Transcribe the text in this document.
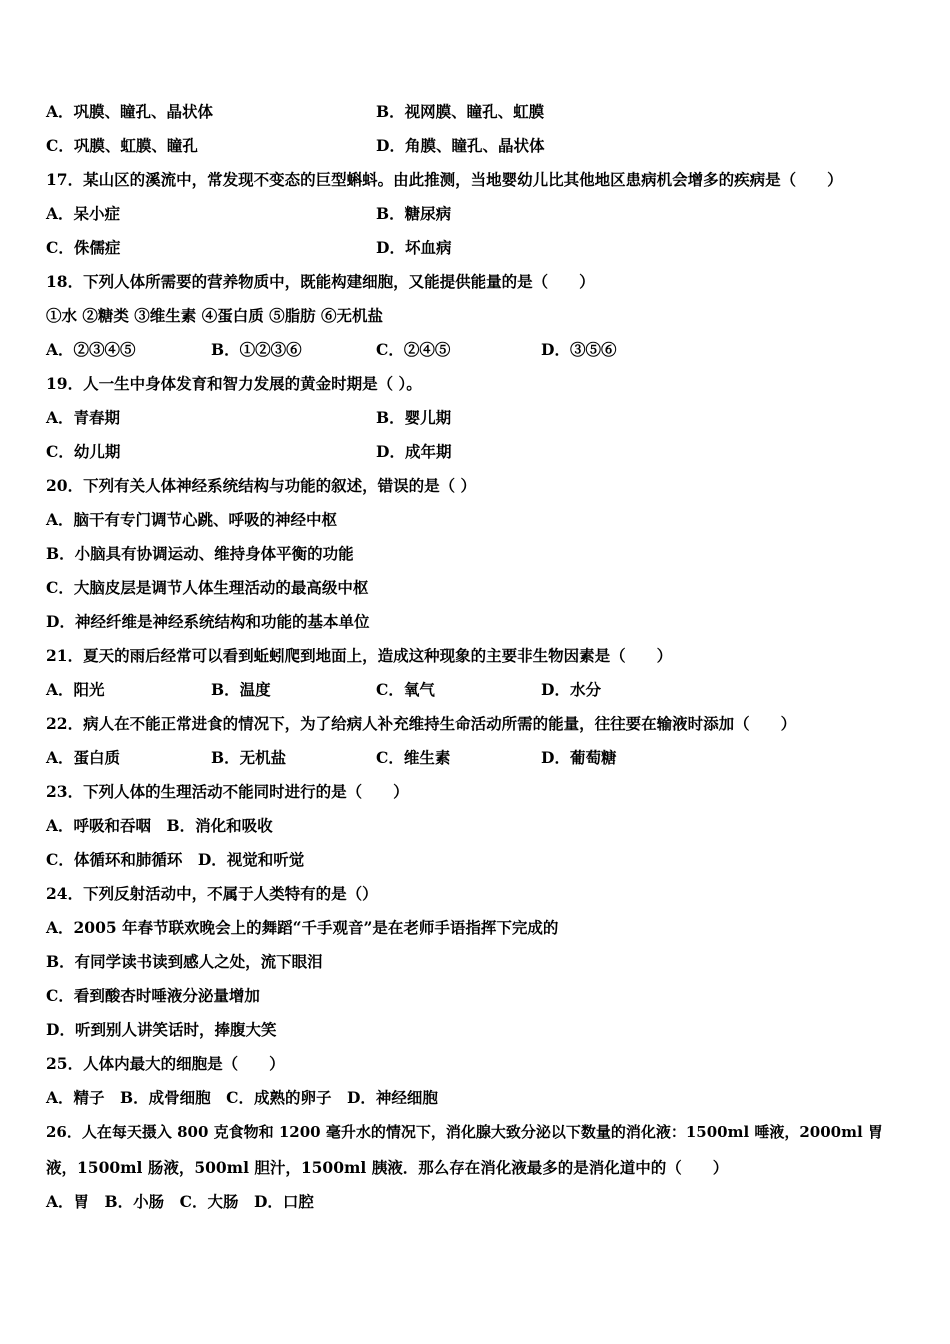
A．巩膜、瞳孔、晶状体	B．视网膜、瞳孔、虹膜
C．巩膜、虹膜、瞳孔	D．角膜、瞳孔、晶状体
17．某山区的溪流中，常发现不变态的巨型蝌蚪。由此推测，当地婴幼儿比其他地区患病机会增多的疾病是（　　）
A．呆小症	B．糖尿病
C．侏儒症	D．坏血病
18．下列人体所需要的营养物质中，既能构建细胞，又能提供能量的是（　　）
①水 ②糖类 ③维生素 ④蛋白质 ⑤脂肪 ⑥无机盐
A．②③④⑤	B．①②③⑥	C．②④⑤	D．③⑤⑥
19．人一生中身体发育和智力发展的黄金时期是（ ）。
A．青春期	B．婴儿期
C．幼儿期	D．成年期
20．下列有关人体神经系统结构与功能的叙述，错误的是（ ）
A．脑干有专门调节心跳、呼吸的神经中枢
B．小脑具有协调运动、维持身体平衡的功能
C．大脑皮层是调节人体生理活动的最高级中枢
D．神经纤维是神经系统结构和功能的基本单位
21．夏天的雨后经常可以看到蚯蚓爬到地面上，造成这种现象的主要非生物因素是（　　）
A．阳光	B．温度	C．氧气	D．水分
22．病人在不能正常进食的情况下，为了给病人补充维持生命活动所需的能量，往往要在输液时添加（　　）
A．蛋白质	B．无机盐	C．维生素	D．葡萄糖
23．下列人体的生理活动不能同时进行的是（　　）
A．呼吸和吞咽　B．消化和吸收
C．体循环和肺循环　D．视觉和听觉
24．下列反射活动中，不属于人类特有的是（）
A．2005 年春节联欢晚会上的舞蹈“千手观音”是在老师手语指挥下完成的
B．有同学读书读到感人之处，流下眼泪
C．看到酸杏时唾液分泌量增加
D．听到别人讲笑话时，捧腹大笑
25．人体内最大的细胞是（　　）
A．精子　B．成骨细胞　C．成熟的卵子　D．神经细胞
26．人在每天摄入 800 克食物和 1200 毫升水的情况下，消化腺大致分泌以下数量的消化液：1500ml 唾液，2000ml 胃
液，1500ml 肠液，500ml 胆汁，1500ml 胰液．那么存在消化液最多的是消化道中的（　　）
A．胃　B．小肠　C．大肠　D．口腔
